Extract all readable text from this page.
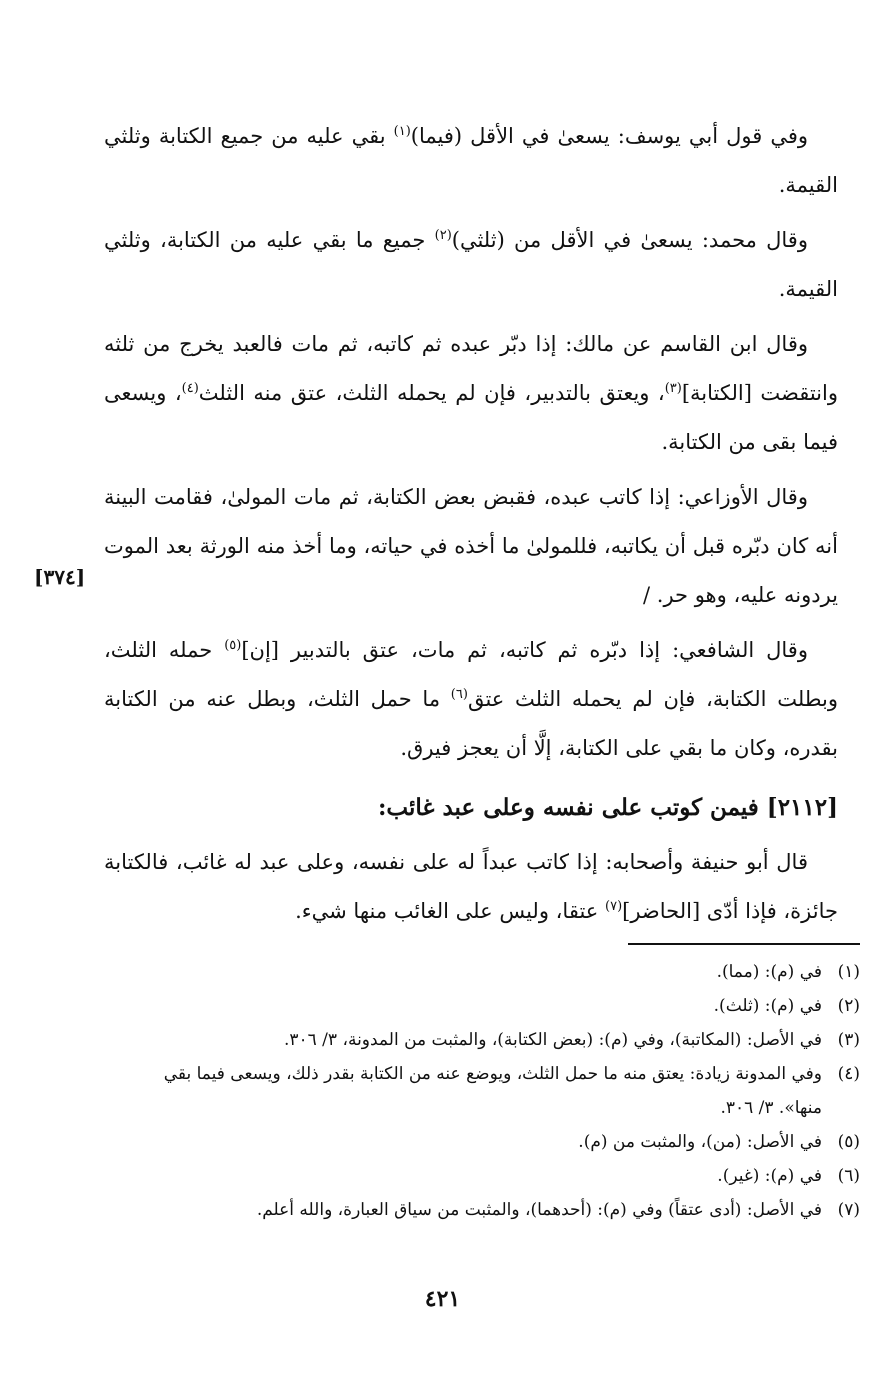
وفي قول أبي يوسف: يسعىٰ في الأقل (فيما)$^{(١)}$ بقي عليه من جميع الكتابة وثلثي القيمة.

وقال محمد: يسعىٰ في الأقل من (ثلثي)$^{(٢)}$ جميع ما بقي عليه من الكتابة، وثلثي القيمة.

وقال ابن القاسم عن مالك: إذا دبّر عبده ثم كاتبه، ثم مات فالعبد يخرج من ثلثه وانتقضت [الكتابة]$^{(٣)}$، ويعتق بالتدبير، فإن لم يحمله الثلث، عتق منه الثلث$^{(٤)}$، ويسعى فيما بقى من الكتابة.

وقال الأوزاعي: إذا كاتب عبده، فقبض بعض الكتابة، ثم مات المولىٰ، فقامت البينة أنه كان دبّره قبل أن يكاتبه، فللمولىٰ ما أخذه في حياته، وما أخذ منه الورثة بعد الموت يردونه عليه، وهو حر. /

وقال الشافعي: إذا دبّره ثم كاتبه، ثم مات، عتق بالتدبير [إن]$^{(٥)}$ حمله الثلث، وبطلت الكتابة، فإن لم يحمله الثلث عتق$^{(٦)}$ ما حمل الثلث، وبطل عنه من الكتابة بقدره، وكان ما بقي على الكتابة، إلَّا أن يعجز فيرق.

[٢١١٢] فيمن كوتب على نفسه وعلى عبد غائب:

قال أبو حنيفة وأصحابه: إذا كاتب عبداً له على نفسه، وعلى عبد له غائب، فالكتابة جائزة، فإذا أدّى [الحاضر]$^{(٧)}$ عتقا، وليس على الغائب منها شيء.

[٣٧٤]
(١)
في (م): (مما).
(٢)
في (م): (ثلث).
(٣)
في الأصل: (المكاتبة)، وفي (م): (بعض الكتابة)، والمثبت من المدونة، ٣/ ٣٠٦.
(٤)
وفي المدونة زيادة: يعتق منه ما حمل الثلث، ويوضع عنه من الكتابة بقدر ذلك، ويسعى فيما بقي منها». ٣/ ٣٠٦.
(٥)
في الأصل: (من)، والمثبت من (م).
(٦)
في (م): (غير).
(٧)
في الأصل: (أدى عتقاً) وفي (م): (أحدهما)، والمثبت من سياق العبارة، والله أعلم.
٤٢١
